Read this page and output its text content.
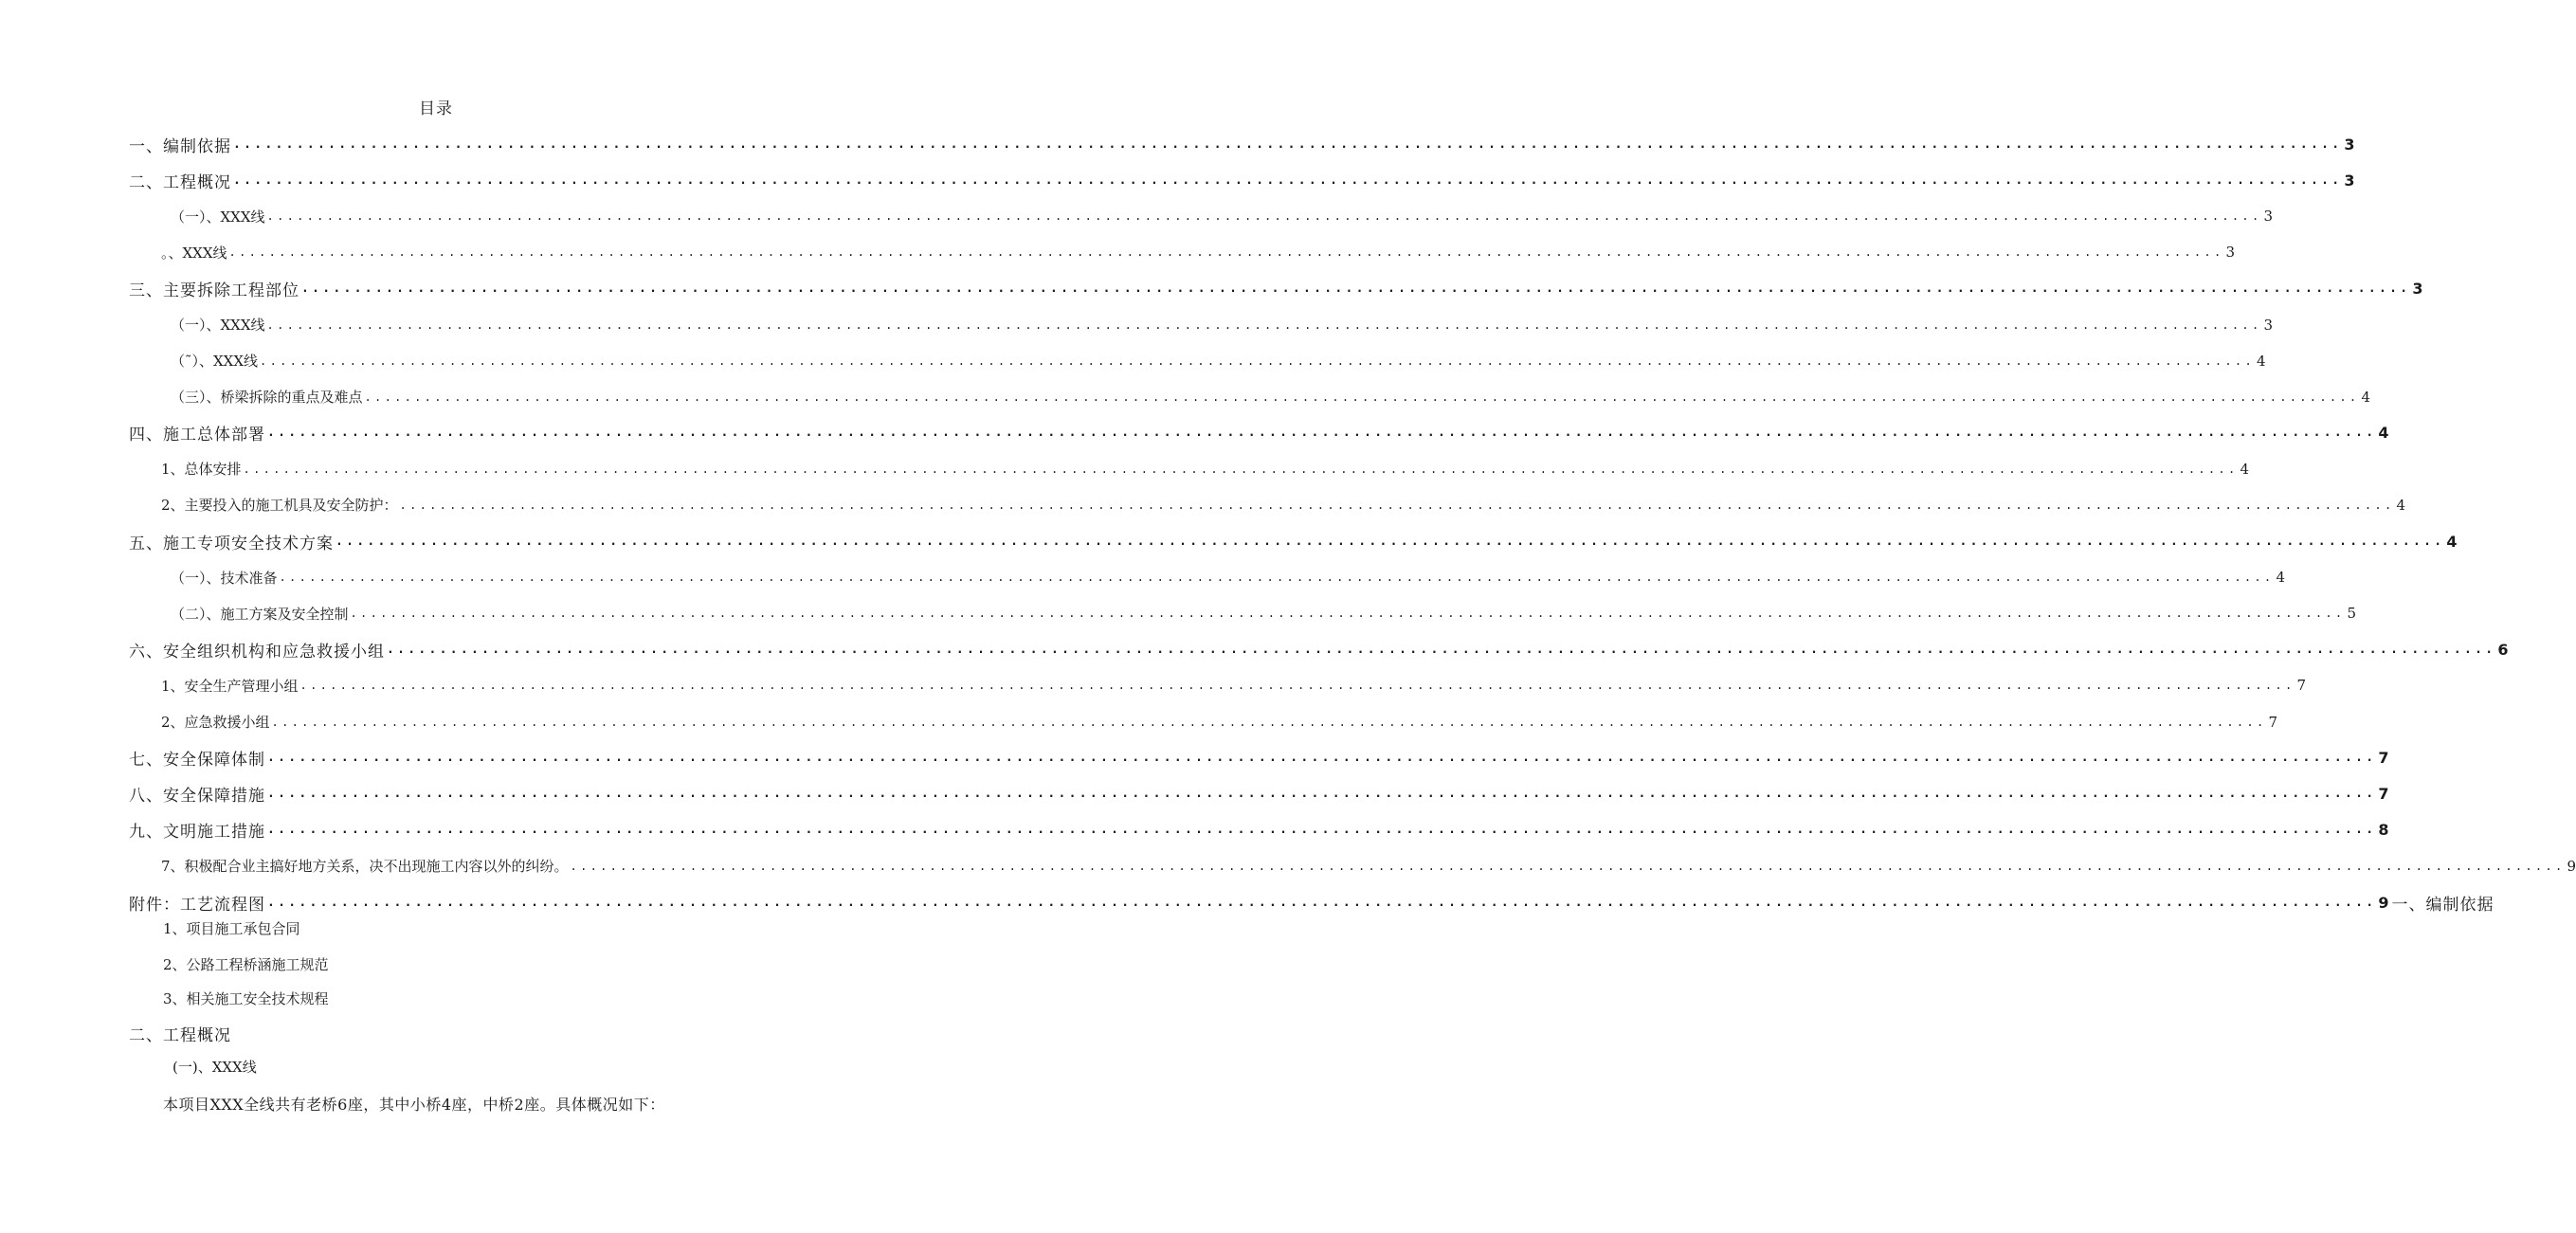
目录
一、编制依据 ........................................................................................................................................................................................................ 3
二、工程概况 ........................................................................................................................................................................................................ 3
（一）、XXX线 ........................................................................................................................................................................................................ 3
。、XXX线 ........................................................................................................................................................................................................ 3
三、主要拆除工程部位 ........................................................................................................................................................................................................ 3
（一）、XXX线 ........................................................................................................................................................................................................ 3
（˜）、XXX线 ........................................................................................................................................................................................................ 4
（三）、桥梁拆除的重点及难点 ........................................................................................................................................................................................................ 4
四、施工总体部署 ........................................................................................................................................................................................................ 4
1、总体安排 ........................................................................................................................................................................................................ 4
2、主要投入的施工机具及安全防护： ........................................................................................................................................................................................................ 4
五、施工专项安全技术方案 ........................................................................................................................................................................................................ 4
（一）、技术准备 ........................................................................................................................................................................................................ 4
（二）、施工方案及安全控制 ........................................................................................................................................................................................................ 5
六、安全组织机构和应急救援小组 ........................................................................................................................................................................................................ 6
1、安全生产管理小组 ........................................................................................................................................................................................................ 7
2、应急救援小组 ........................................................................................................................................................................................................ 7
七、安全保障体制 ........................................................................................................................................................................................................ 7
八、安全保障措施 ........................................................................................................................................................................................................ 7
九、文明施工措施 ........................................................................................................................................................................................................ 8
7、积极配合业主搞好地方关系，决不出现施工内容以外的纠纷。 ........................................................................................................................................................................................................ 9
附件：工艺流程图 ........................................................................................................................................................................................................ 9 一、编制依据
1、项目施工承包合同
2、公路工程桥涵施工规范
3、相关施工安全技术规程
二、工程概况
(一)、XXX线
本项目XXX全线共有老桥6座，其中小桥4座，中桥2座。具体概况如下：
